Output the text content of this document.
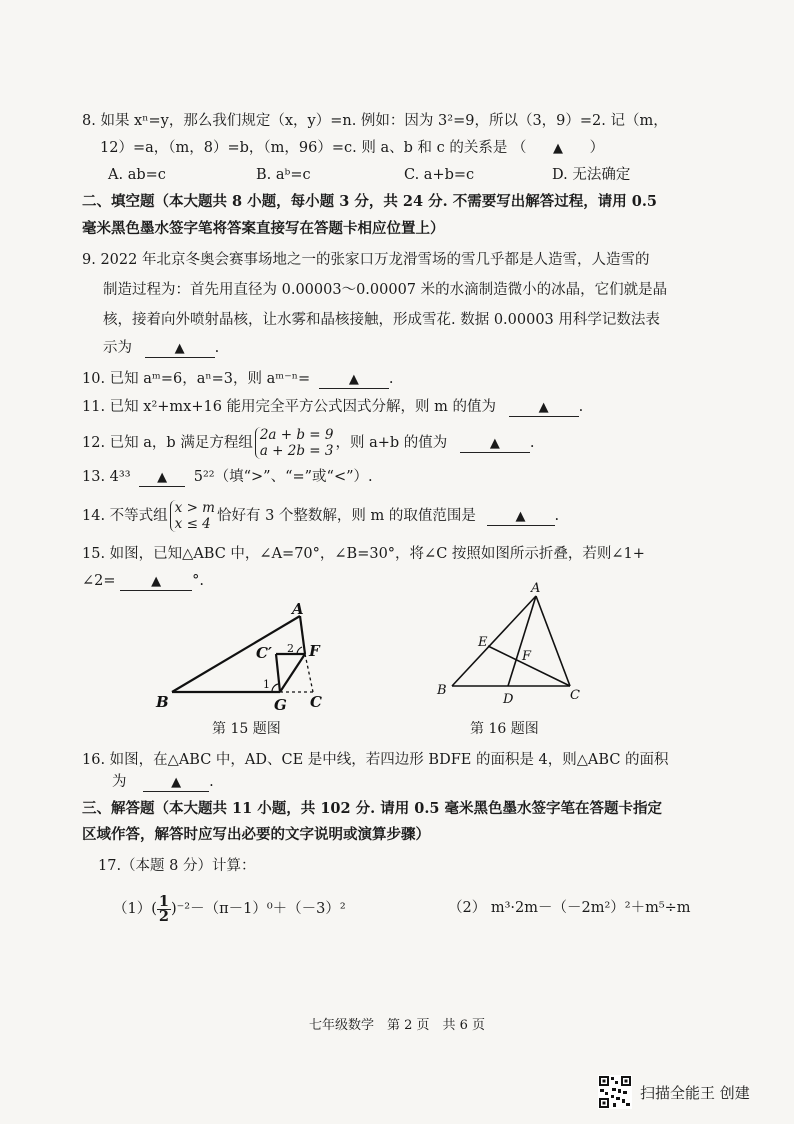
8. 如果 xⁿ=y，那么我们规定（x，y）=n. 例如：因为 3²=9，所以（3，9）=2. 记（m，
12）=a，（m，8）=b，（m，96）=c. 则 a、b 和 c 的关系是 （ ▲ ）
A. ab=c	B. aᵇ=c	C. a+b=c	D. 无法确定
二、填空题（本大题共 8 小题，每小题 3 分，共 24 分. 不需要写出解答过程，请用 0.5
毫米黑色墨水签字笔将答案直接写在答题卡相应位置上）
9. 2022 年北京冬奥会赛事场地之一的张家口万龙滑雪场的雪几乎都是人造雪，人造雪的
制造过程为：首先用直径为 0.00003～0.00007 米的水滴制造微小的冰晶，它们就是晶
核，接着向外喷射晶核，让水雾和晶核接触，形成雪花. 数据 0.00003 用科学记数法表
示为	▲ .
10. 已知 aᵐ=6，aⁿ=3，则 aᵐ⁻ⁿ=	▲ .
11. 已知 x²+mx+16 能用完全平方公式因式分解，则 m 的值为	▲ .
12. 已知 a，b 满足方程组 2a + b = 9
a + 2b = 3 ，则 a+b 的值为	▲ .
13. 4³³ ▲ 5²²（填“>”、“=”或“<”）.
14. 不等式组 x > m
x ≤ 4 恰好有 3 个整数解，则 m 的取值范围是	▲ .
15. 如图，已知△ABC 中，∠A=70°，∠B=30°，将∠C 按照如图所示折叠，若则∠1+
∠2=	▲ °.
A
B	C
C′ F
G
1
2
第 15 题图
A
B	C
D
E
F
第 16 题图
16. 如图，在△ABC 中，AD、CE 是中线，若四边形 BDFE 的面积是 4，则△ABC 的面积
为	▲ .
三、解答题（本大题共 11 小题，共 102 分. 请用 0.5 毫米黑色墨水签字笔在答题卡指定
区域作答，解答时应写出必要的文字说明或演算步骤）
17.（本题 8 分）计算：
$(1)( \frac{1}{2} )^{-2}-(\pi-1)^0+(-3)^2$	（2） m³·2m－（－2m²）²＋m⁵÷m
七年级数学　第 2 页　共 6 页
扫描全能王 创建
